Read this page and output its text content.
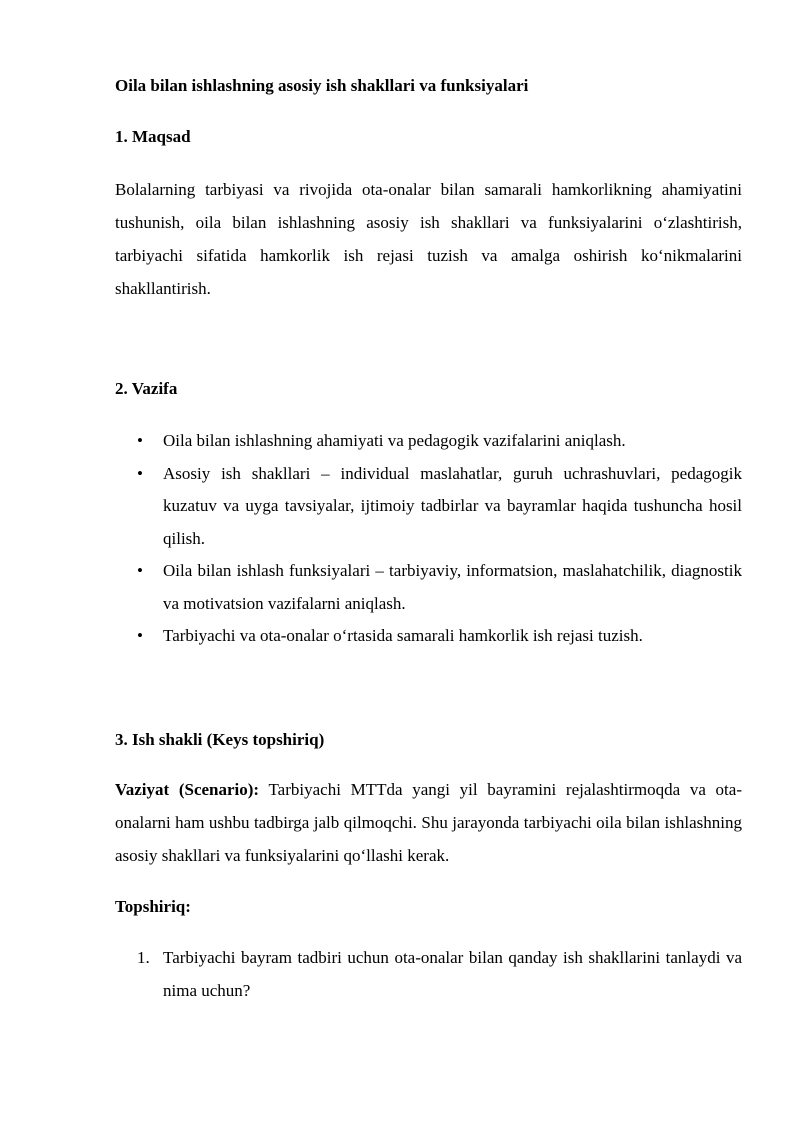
Oila bilan ishlashning asosiy ish shakllari va funksiyalari
1. Maqsad
Bolalarning tarbiyasi va rivojida ota-onalar bilan samarali hamkorlikning ahamiyatini tushunish, oila bilan ishlashning asosiy ish shakllari va funksiyalarini o‘zlashtirish, tarbiyachi sifatida hamkorlik ish rejasi tuzish va amalga oshirish ko‘nikmalarini shakllantirish.
2. Vazifa
• Oila bilan ishlashning ahamiyati va pedagogik vazifalarini aniqlash.
• Asosiy ish shakllari – individual maslahatlar, guruh uchrashuvlari, pedagogik kuzatuv va uyga tavsiyalar, ijtimoiy tadbirlar va bayramlar haqida tushuncha hosil qilish.
• Oila bilan ishlash funksiyalari – tarbiyaviy, informatsion, maslahatchilik, diagnostik va motivatsion vazifalarni aniqlash.
• Tarbiyachi va ota-onalar o‘rtasida samarali hamkorlik ish rejasi tuzish.
3. Ish shakli (Keys topshiriq)
Vaziyat (Scenario): Tarbiyachi MTTda yangi yil bayramini rejalashtirmoqda va ota-onalarni ham ushbu tadbirga jalb qilmoqchi. Shu jarayonda tarbiyachi oila bilan ishlashning asosiy shakllari va funksiyalarini qo‘llashi kerak.
Topshiriq:
1. Tarbiyachi bayram tadbiri uchun ota-onalar bilan qanday ish shakllarini tanlaydi va nima uchun?
